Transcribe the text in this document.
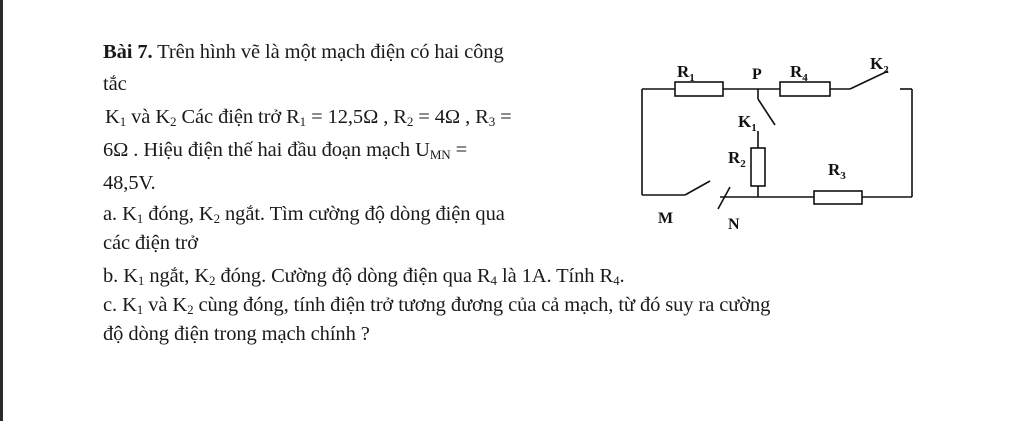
Bài 7. Trên hình vẽ là một mạch điện có hai công
tắc
$K_1$ và $K_2$ Các điện trở $R_1 = 12,5\Omega$ , $R_2 = 4\Omega$ , $R_3$ =
6Ω . Hiệu điện thế hai đầu đoạn mạch $U_{MN}$ =
48,5V.
a. $K_1$ đóng, $K_2$ ngắt. Tìm cường độ dòng điện qua
các điện trở
b. $K_1$ ngắt, $K_2$ đóng. Cường độ dòng điện qua $R_4$ là 1A. Tính $R_4$.
c. $K_1$ và $K_2$ cùng đóng, tính điện trở tương đương của cả mạch, từ đó suy ra cường
độ dòng điện trong mạch chính ?
$R_1$	P $R_4$
$K_2$
$K_1$
$R_2$	$R_3$
M	N
